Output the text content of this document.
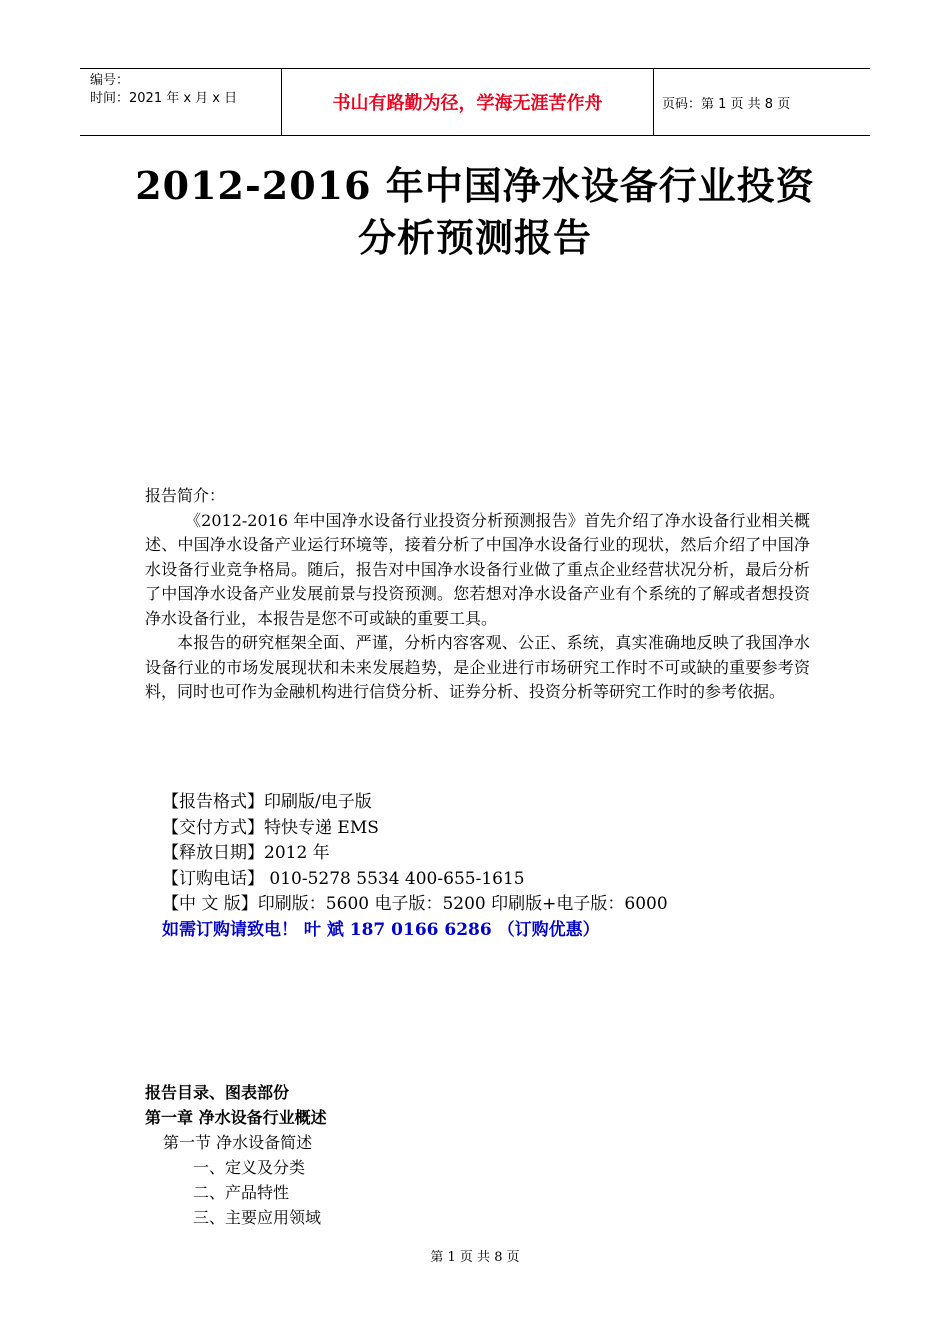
编号：
时间：2021 年 x 月 x 日	书山有路勤为径，学海无涯苦作舟	页码：第 1 页 共 8 页
2012-2016 年中国净水设备行业投资
分析预测报告

报告简介：

《2012-2016 年中国净水设备行业投资分析预测报告》首先介绍了净水设备行业相关概述、中国净水设备产业运行环境等，接着分析了中国净水设备行业的现状，然后介绍了中国净水设备行业竞争格局。随后，报告对中国净水设备行业做了重点企业经营状况分析，最后分析了中国净水设备产业发展前景与投资预测。您若想对净水设备产业有个系统的了解或者想投资净水设备行业，本报告是您不可或缺的重要工具。

本报告的研究框架全面、严谨，分析内容客观、公正、系统，真实准确地反映了我国净水设备行业的市场发展现状和未来发展趋势，是企业进行市场研究工作时不可或缺的重要参考资料，同时也可作为金融机构进行信贷分析、证券分析、投资分析等研究工作时的参考依据。

【报告格式】印刷版/电子版
【交付方式】特快专递 EMS
【释放日期】2012 年
【订购电话】 010-5278 5534 400-655-1615
【中 文 版】印刷版：5600 电子版：5200 印刷版+电子版：6000
如需订购请致电！ 叶 斌 187 0166 6286 （订购优惠）
报告目录、图表部份
第一章 净水设备行业概述
第一节 净水设备简述
一、定义及分类
二、产品特性
三、主要应用领域
第 1 页 共 8 页
